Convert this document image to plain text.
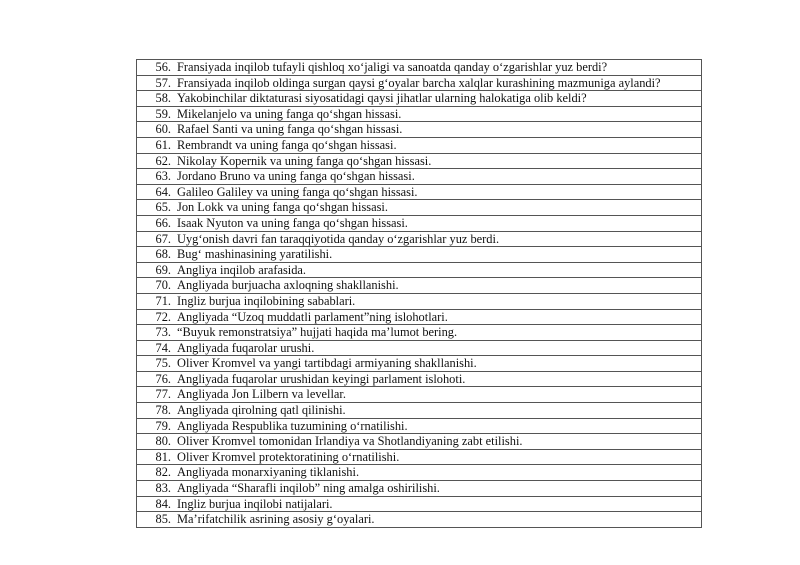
56. Fransiyada inqilob tufayli qishloq xo‘jaligi va sanoatda qanday o‘zgarishlar yuz berdi?
57. Fransiyada inqilob oldinga surgan qaysi g‘oyalar barcha xalqlar kurashining mazmuniga aylandi?
58. Yakobinchilar diktaturasi siyosatidagi qaysi jihatlar ularning halokatiga olib keldi?
59. Mikelanjelo va uning fanga qo‘shgan hissasi.
60. Rafael Santi va uning fanga qo‘shgan hissasi.
61. Rembrandt va uning fanga qo‘shgan hissasi.
62. Nikolay Kopernik va uning fanga qo‘shgan hissasi.
63. Jordano Bruno va uning fanga qo‘shgan hissasi.
64. Galileo Galiley va uning fanga qo‘shgan hissasi.
65. Jon Lokk va uning fanga qo‘shgan hissasi.
66. Isaak Nyuton va uning fanga qo‘shgan hissasi.
67. Uyg‘onish davri fan taraqqiyotida qanday o‘zgarishlar yuz berdi.
68. Bug‘ mashinasining yaratilishi.
69. Angliya inqilob arafasida.
70. Angliyada burjuacha axloqning shakllanishi.
71. Ingliz burjua inqilobining sabablari.
72. Angliyada “Uzoq muddatli parlament”ning islohotlari.
73. “Buyuk remonstratsiya” hujjati haqida ma’lumot bering.
74. Angliyada fuqarolar urushi.
75. Oliver Kromvel va yangi tartibdagi armiyaning shakllanishi.
76. Angliyada fuqarolar urushidan keyingi parlament islohoti.
77. Angliyada Jon Lilbern va levellar.
78. Angliyada qirolning qatl qilinishi.
79. Angliyada Respublika tuzumining o‘rnatilishi.
80. Oliver Kromvel tomonidan Irlandiya va Shotlandiyaning zabt etilishi.
81. Oliver Kromvel protektoratining o‘rnatilishi.
82. Angliyada monarxiyaning tiklanishi.
83. Angliyada “Sharafli inqilob” ning amalga oshirilishi.
84. Ingliz burjua inqilobi natijalari.
85. Ma’rifatchilik asrining asosiy g‘oyalari.
